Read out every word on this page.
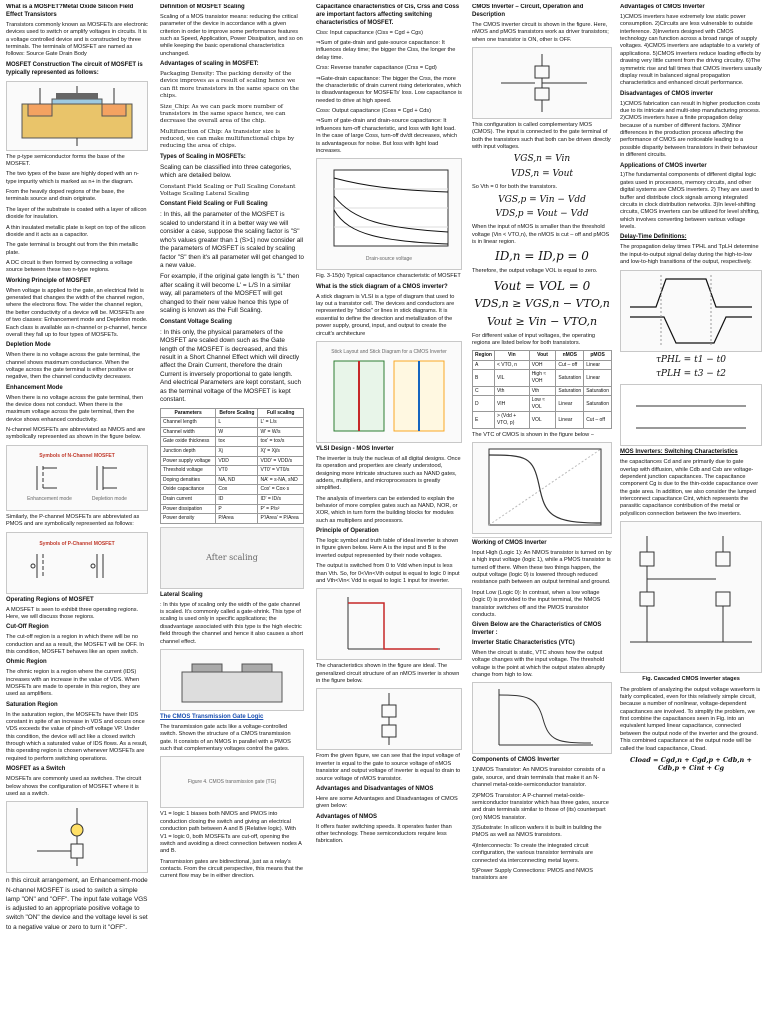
What is a MOSFET?Metal Oxide Silicon Field Effect Transistors

Transistors commonly known as MOSFETs are electronic devices used to switch or amplify voltages in circuits. It is a voltage controlled device and is constructed by three terminals. The terminals of MOSFET are named as follows: Source Gate Drain Body

MOSFET Construction The circuit of MOSFET is typically represented as follows:

The p-type semiconductor forms the base of the MOSFET.

The two types of the base are highly doped with an n-type impurity which is marked as n+ in the diagram.

From the heavily doped regions of the base, the terminals source and drain originate.

The layer of the substrate is coated with a layer of silicon dioxide for insulation.

A thin insulated metallic plate is kept on top of the silicon dioxide and it acts as a capacitor.

The gate terminal is brought out from the thin metallic plate.

A DC circuit is then formed by connecting a voltage source between these two n-type regions.

Working Principle of MOSFET

When voltage is applied to the gate, an electrical field is generated that changes the width of the channel region, where the electrons flow. The wider the channel region, the better conductivity of a device will be. MOSFETs are of two classes: Enhancement mode and Depletion mode. Each class is available as n-channel or p-channel, hence overall they fall up to four types of MOSFETs.

Depletion Mode

When there is no voltage across the gate terminal, the channel shows maximum conductance. When the voltage across the gate terminal is either positive or negative, then the channel conductivity decreases.

Enhancement Mode

When there is no voltage across the gate terminal, then the device does not conduct. When there is the maximum voltage across the gate terminal, then the device shows enhanced conductivity.

N-channel MOSFETs are abbreviated as NMOS and are symbolically represented as shown in the figure below.

Symbols of N-Channel MOSFET
Enhancement mode	Depletion mode

Similarly, the P-channel MOSFETs are abbreviated as PMOS and are symbolically represented as follows:

Symbols of P-Channel MOSFET
Operating Regions of MOSFET

A MOSFET is seen to exhibit three operating regions. Here, we will discuss those regions.

Cut-Off Region

The cut-off region is a region in which there will be no conduction and as a result, the MOSFET will be OFF. In this condition, MOSFET behaves like an open switch.

Ohmic Region

The ohmic region is a region where the current (IDS) increases with an increase in the value of VDS. When MOSFETs are made to operate in this region, they are used as amplifiers.

Saturation Region

In the saturation region, the MOSFETs have their IDS constant in spite of an increase in VDS and occurs once VDS exceeds the value of pinch-off voltage VP. Under this condition, the device will act like a closed switch through which a saturated value of IDS flows. As a result, this operating region is chosen whenever MOSFETs are required to perform switching operations.

MOSFET as a Switch

MOSFETs are commonly used as switches. The circuit below shows the configuration of MOSFET where it is used as a switch.

n this circuit arrangement, an Enhancement-mode N-channel MOSFET is used to switch a simple lamp "ON" and "OFF". The input fate voltage VGS is adjusted to an appropriate positive voltage to switch "ON" the device and the voltage level is set to a negative value or zero to turn it "OFF".

Definition of MOSFET Scaling

Scaling of a MOS transistor means: reducing the critical parameter of the device in accordance with a given criterion in order to improve some performance features such as Speed, Application, Power Dissipation, and so on while keeping the basic operational characteristics unchanged.

Advantages of scaling in MOSFET:

Packaging Density: The packing density of the device improves as a result of scaling hence we can fit more transistors in the same space on the chips.

Size_Chip: As we can pack more number of transistors in the same space hence, we can decrease the overall area of the chip.

Multifunction of Chip: As transistor size is reduced, we can make multifunctional chips by reducing the area of chips.

Types of Scaling in MOSFETs:

Scaling can be classified into three categories, which are detailed below.

Constant Field Scaling or Full Scaling Constant Voltage Scaling Lateral Scaling

Constant Field Scaling or Full Scaling

: In this, all the parameter of the MOSFET is scaled to understand it in a better way we will consider a case, suppose the scaling factor is "S" who's values greater than 1 (S>1) now consider all the parameters of MOSFET is scaled by scaling factor "S" then it's all parameter will get changed to a new value.

For example, if the original gate length is "L" then after scaling it will become L' = L/S In a similar way, all parameters of the MOSFET will get changed to their new value hence this type of scaling is known as the Full Scaling.

Constant Voltage Scaling

: In this only, the physical parameters of the MOSFET are scaled down such as the Gate length of the MOSFET is decreased, and this result in a Short Channel Effect which will directly affect the Drain Current, therefore the drain Current is inversely proportional to gate length. And electrical Parameters are kept constant, such as the terminal voltage of the MOSFET is kept constant.

Parameters	Before Scaling	Full scaling
Channel length	L	L' = L/s
Channel width	W	W' = W/s
Gate oxide thickness	tox	tox' = tox/s
Junction depth	Xj	Xj' = Xj/s
Power supply voltage	VDD	VDD' = VDD/s
Threshold voltage	VT0	VT0' = VT0/s
Doping densities	NA, ND	NA' = s·NA, sND
Oxide capacitance	Cox	Cox' = Cox·s
Drain current	ID	ID' = ID/s
Power dissipation	P	P' = P/s²
Power density	P/Area	P'/Area' = P/Area
After scaling
Lateral Scaling

: In this type of scaling only the width of the gate channel is scaled. It's commonly called a gate-shrink. This type of scaling is used only in specific applications; the disadvantage associated with this type is the high electric field through the channel and hence it also causes a short channel effect.

The CMOS Transmission Gate Logic

The transmission gate acts like a voltage-controlled switch. Shown the structure of a CMOS transmission gate. It consists of an NMOS in parallel with a PMOS such that complementary voltages control the gates.

Figure 4. CMOS transmission gate (TG)

V1 = logic 1 biases both NMOS and PMOS into conduction closing the switch and giving an electrical conduction path between A and B (Relative logic). With V1 = logic 0, both MOSFETs are cut-off, opening the switch and avoiding a direct connection between nodes A and B.

Transmission gates are bidirectional, just as a relay's contacts. From the circuit perspective, this means that the current flow may be in either direction.

Capacitance characteristics of Cis, Crss and Coss are important factors affecting switching characteristics of MOSFET.

Ciss: Input capacitance (Ciss = Cgd + Cgs)

⇒Sum of gate-drain and gate-source capacitance: It influences delay time; the bigger the Ciss, the longer the delay time.

Crss: Reverse transfer capacitance (Crss = Cgd)

⇒Gate-drain capacitance: The bigger the Crss, the more the characteristic of drain current rising deteriorates, which is disadvantageous for MOSFETs' loss. Low capacitance is needed to drive at high speed.

Coss: Output capacitance (Coss = Cgd + Cds)

⇒Sum of gate-drain and drain-source capacitance: It influences turn-off characteristic, and loss with light load. In the case of large Coss, turn-off dv/dt decreases, which is advantageous for noise. But loss with light load increases.

Drain-source voltage

Fig. 3-15(b) Typical capacitance characteristic of MOSFET

What is the stick diagram of a CMOS inverter?

A stick diagram is VLSI is a type of diagram that used to lay out a transistor cell. The devices and conductors are represented by "sticks" or lines in stick diagrams. It is essential to define the direction and metallization of the power supply, ground, input, and output to create the circuit's architecture

Stick Layout and Stick Diagram for a CMOS Inverter
VLSI Design - MOS Inverter

The inverter is truly the nucleus of all digital designs. Once its operation and properties are clearly understood, designing more intricate structures such as NAND gates, adders, multipliers, and microprocessors is greatly simplified.

The analysis of inverters can be extended to explain the behavior of more complex gates such as NAND, NOR, or XOR, which in turn form the building blocks for modules such as multipliers and processors.

Principle of Operation

The logic symbol and truth table of ideal inverter is shown in figure given below. Here A is the input and B is the inverted output represented by their node voltages.

The output is switched from 0 to Vdd when input is less than Vth. So, for 0<Vin<Vth output is equal to logic 0 input and Vth<Vin< Vdd is equal to logic 1 input for inverter.

The characteristics shown in the figure are ideal. The generalized circuit structure of an nMOS inverter is shown in the figure below.

From the given figure, we can see that the input voltage of inverter is equal to the gate to source voltage of nMOS transistor and output voltage of inverter is equal to drain to source voltage of nMOS transistor.

Advantages and Disadvantages of NMOS

Here are some Advantages and Disadvantages of CMOS given below:

Advantages of NMOS

It offers faster switching speeds. It operates faster than other technology. These semiconductors require less fabrication.

CMOS Inverter – Circuit, Operation and Description

The CMOS inverter circuit is shown in the figure. Here, nMOS and pMOS transistors work as driver transistors; when one transistor is ON, other is OFF.

This configuration is called complementary MOS (CMOS). The input is connected to the gate terminal of both the transistors such that both can be driven directly with input voltages.

VGS,n = Vin
VDS,n = Vout

So Vth = 0 for both the transistors.

VGS,p = Vin − Vdd
VDS,p = Vout − Vdd

When the input of nMOS is smaller than the threshold voltage (Vin < VTO,n), the nMOS is cut – off and pMOS is in linear region.

ID,n = ID,p = 0

Therefore, the output voltage VOL is equal to zero.

Vout = VOL = 0
VDS,n ≥ VGS,n − VTO,n
Vout ≥ Vin − VTO,n

For different value of input voltages, the operating regions are listed below for both transistors.

Region	Vin	Vout	nMOS	pMOS
A	< VTO, n	VOH	Cut – off	Linear
B	VIL	High ≈ VOH	Saturation	Linear
C	Vth	Vth	Saturation	Saturation
D	VIH	Low ≈ VOL	Linear	Saturation
E	> (Vdd + VTO, p)	VOL	Linear	Cut – off

The VTC of CMOS is shown in the figure below −

Working of CMOS Inverter

Input High (Logic 1): An NMOS transistor is turned on by a high input voltage (logic 1), while a PMOS transistor is turned off there. When these two things happen, the output voltage (logic 0) is lowered through reduced resistance path between an output terminal and ground.

Input Low (Logic 0): In contrast, when a low voltage (logic 0) is provided to the input terminal, the NMOS transistor switches off and the PMOS transistor conducts.

Given Below are the Characteristics of CMOS Inverter :
Inverter Static Characteristics (VTC)

When the circuit is static, VTC shows how the output voltage changes with the input voltage. The threshold voltage is the point at which the output states abruptly change from high to low.

Components of CMOS Inverter

1)NMOS Transistor: An NMOS transistor consists of a gate, source, and drain terminals that make it an N-channel metal-oxide-semiconductor transistor.

2)PMOS Transistor: A P-channel metal-oxide-semiconductor transistor which has three gates, source and drain terminals similar to those of (its) counterpart (on) NMOS transistor.

3)Substrate: In silicon wafers it is built in building the PMOS as well as NMOS transistors.

4)Interconnects: To create the integrated circuit configuration, the various transistor terminals are connected via interconnecting metal layers.

5)Power Supply Connections: PMOS and NMOS transistors are

Advantages of CMOS Inverter

1)CMOS inverters have extremely low static power consumption. 2)Circuits are less vulnerable to outside interference. 3)Inverters designed with CMOS technology can function across a broad range of supply voltages. 4)CMOS inverters are adaptable to a variety of applications. 5)CMOS inverters reduce loading effects by drawing very little current from the driving circuitry. 6)The symmetric rise and fall times that CMOS inverters usually display result in balanced signal propagation characteristics and enhanced circuit performance.

Disadvantages of CMOS inverter

1)CMOS fabrication can result in higher production costs due to its intricate and multi-step manufacturing process. 2)CMOS inverters have a finite propagation delay because of a number of different factors. 3)Minor differences in the production process affecting the performance of CMOS are noticeable leading to a possible disparity between transistors in their behaviour in different circuits.

Applications of CMOS inverter

1)The fundamental components of different digital logic gates used in processors, memory circuits, and other digital systems are CMOS inverters. 2) They are used to buffer and distribute clock signals among integrated circuits in clock distribution networks. 3)In level-shifting circuits, CMOS inverters can be utilized for level shifting, which involves converting between various voltage levels.

Delay-Time Definitions:

The propagation delay times TPHL and TpLH determine the input-to-output signal delay during the high-to-low and low-to-high transitions of the output, respectively.

τPHL = t1 − t0
τPLH = t3 − t2
MOS Inverters: Switching Characteristics

the capacitances Cd and are primarily due to gate overlap with diffusion, while Cdb and Csb are voltage-dependent junction capacitances. The capacitance component Cg is due to the thin-oxide capacitance over the gate area. In addition, we also consider the lumped interconnect capacitance Cint, which represents the parasitic capacitance contribution of the metal or polysilicon connection between the two inverters.

Fig. Cascaded CMOS inverter stages

The problem of analyzing the output voltage waveform is fairly complicated, even for this relatively simple circuit, because a number of nonlinear, voltage-dependent capacitances are involved. To simplify the problem, we first combine the capacitances seen in Fig. into an equivalent lumped linear capacitance, connected between the output node of the inverter and the ground. This combined capacitance at the output node will be called the load capacitance, Cload.

Cload = Cgd,n + Cgd,p + Cdb,n + Cdb,p + Cint + Cg
